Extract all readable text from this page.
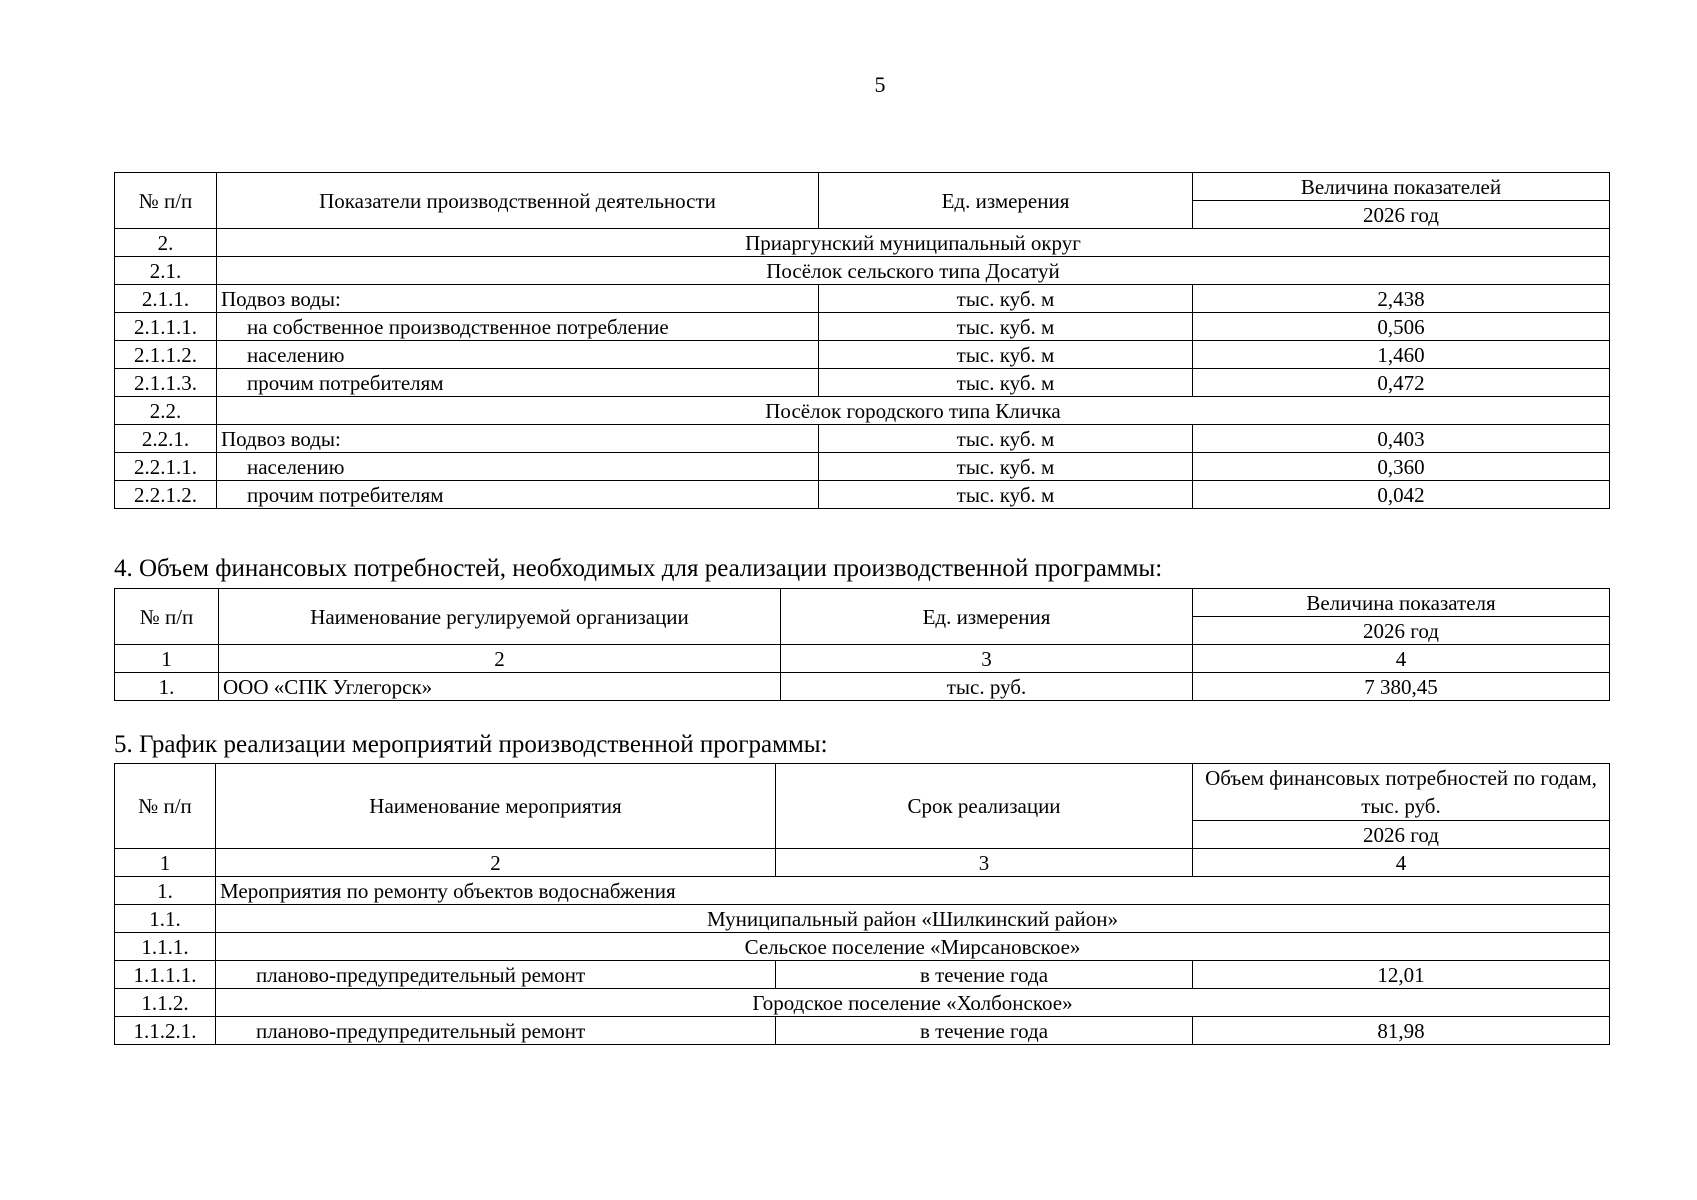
5
№ п/п	Показатели производственной деятельности	Ед. измерения	Величина показателей
			2026 год
2.	Приаргунский муниципальный округ		
2.1.	Посёлок сельского типа Досатуй		
2.1.1.	Подвоз воды:	тыс. куб. м	2,438
2.1.1.1.	на собственное производственное потребление	тыс. куб. м	0,506
2.1.1.2.	населению	тыс. куб. м	1,460
2.1.1.3.	прочим потребителям	тыс. куб. м	0,472
2.2.	Посёлок городского типа Кличка		
2.2.1.	Подвоз воды:	тыс. куб. м	0,403
2.2.1.1.	населению	тыс. куб. м	0,360
2.2.1.2.	прочим потребителям	тыс. куб. м	0,042
4. Объем финансовых потребностей, необходимых для реализации производственной программы:
№ п/п	Наименование регулируемой организации	Ед. измерения	Величина показателя
			2026 год
1	2	3	4
1.	ООО «СПК Углегорск»	тыс. руб.	7 380,45
5. График реализации мероприятий производственной программы:
№ п/п	Наименование мероприятия	Срок реализации	Объем финансовых потребностей по годам, тыс. руб.
			2026 год
1	2	3	4
1.	Мероприятия по ремонту объектов водоснабжения		
1.1.	Муниципальный район «Шилкинский район»		
1.1.1.	Сельское поселение «Мирсановское»		
1.1.1.1.	планово-предупредительный ремонт	в течение года	12,01
1.1.2.	Городское поселение «Холбонское»		
1.1.2.1.	планово-предупредительный ремонт	в течение года	81,98
